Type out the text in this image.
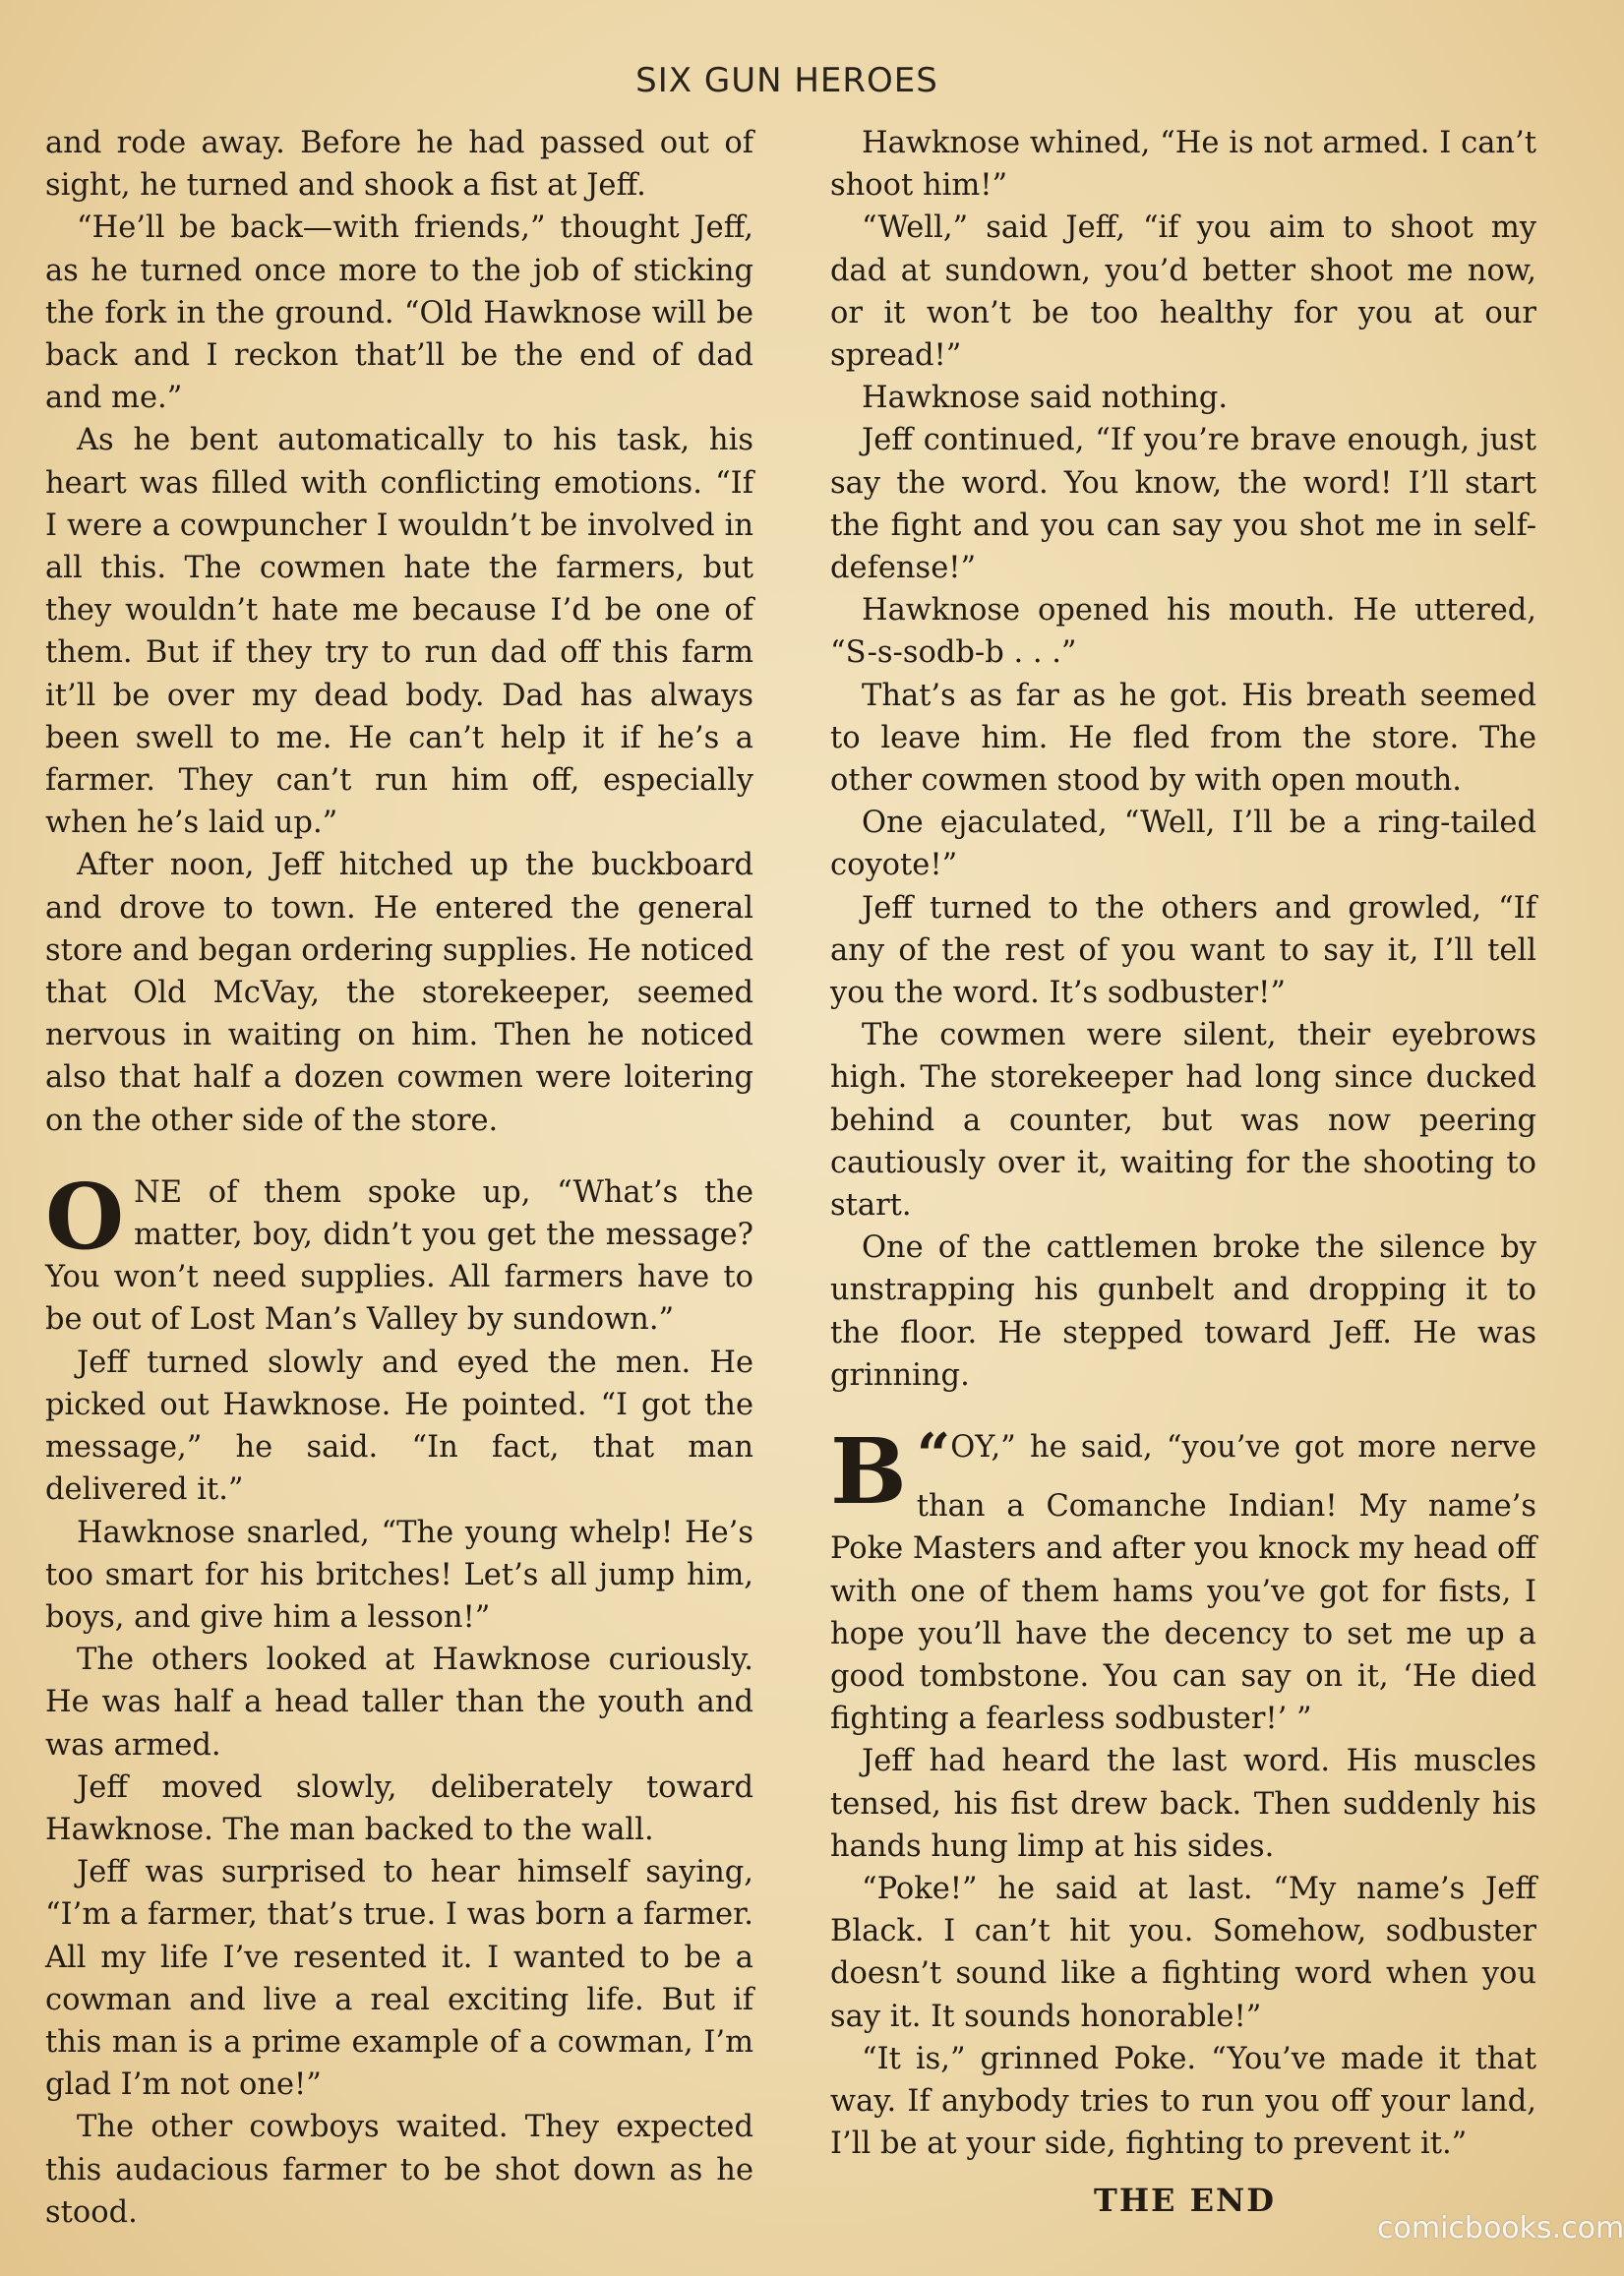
SIX GUN HEROES

and rode away. Before he had passed out of sight, he turned and shook a fist at Jeff.

“He’ll be back—with friends,” thought Jeff, as he turned once more to the job of sticking the fork in the ground. “Old Hawknose will be back and I reckon that’ll be the end of dad and me.”

As he bent automatically to his task, his heart was filled with conflicting emotions. “If I were a cowpuncher I wouldn’t be involved in all this. The cowmen hate the farmers, but they wouldn’t hate me because I’d be one of them. But if they try to run dad off this farm it’ll be over my dead body. Dad has always been swell to me. He can’t help it if he’s a farmer. They can’t run him off, especially when he’s laid up.”

After noon, Jeff hitched up the buckboard and drove to town. He entered the general store and began ordering supplies. He noticed that Old McVay, the storekeeper, seemed nervous in waiting on him. Then he noticed also that half a dozen cowmen were loitering on the other side of the store.

ONE of them spoke up, “What’s the matter, boy, didn’t you get the message? You won’t need supplies. All farmers have to be out of Lost Man’s Valley by sundown.”

Jeff turned slowly and eyed the men. He picked out Hawknose. He pointed. “I got the message,” he said. “In fact, that man delivered it.”

Hawknose snarled, “The young whelp! He’s too smart for his britches! Let’s all jump him, boys, and give him a lesson!”

The others looked at Hawknose curiously. He was half a head taller than the youth and was armed.

Jeff moved slowly, deliberately toward Hawknose. The man backed to the wall.

Jeff was surprised to hear himself saying, “I’m a farmer, that’s true. I was born a farmer. All my life I’ve resented it. I wanted to be a cowman and live a real exciting life. But if this man is a prime example of a cowman, I’m glad I’m not one!”

The other cowboys waited. They expected this audacious farmer to be shot down as he stood.

Hawknose whined, “He is not armed. I can’t shoot him!”

“Well,” said Jeff, “if you aim to shoot my dad at sundown, you’d better shoot me now, or it won’t be too healthy for you at our spread!”

Hawknose said nothing.

Jeff continued, “If you’re brave enough, just say the word. You know, the word! I’ll start the fight and you can say you shot me in self-defense!”

Hawknose opened his mouth. He uttered, “S-s-sodb-b . . .”

That’s as far as he got. His breath seemed to leave him. He fled from the store. The other cowmen stood by with open mouth.

One ejaculated, “Well, I’ll be a ring-tailed coyote!”

Jeff turned to the others and growled, “If any of the rest of you want to say it, I’ll tell you the word. It’s sodbuster!”

The cowmen were silent, their eyebrows high. The storekeeper had long since ducked behind a counter, but was now peering cautiously over it, waiting for the shooting to start.

One of the cattlemen broke the silence by unstrapping his gunbelt and dropping it to the floor. He stepped toward Jeff. He was grinning.

“
B OY,” he said, “you’ve got more nerve than a Comanche Indian! My name’s Poke Masters and after you knock my head off with one of them hams you’ve got for fists, I hope you’ll have the decency to set me up a good tombstone. You can say on it, ‘He died fighting a fearless sodbuster!’ ”

Jeff had heard the last word. His muscles tensed, his fist drew back. Then suddenly his hands hung limp at his sides.

“Poke!” he said at last. “My name’s Jeff Black. I can’t hit you. Somehow, sodbuster doesn’t sound like a fighting word when you say it. It sounds honorable!”

“It is,” grinned Poke. “You’ve made it that way. If anybody tries to run you off your land, I’ll be at your side, fighting to prevent it.”

THE END
comicbooks.com
